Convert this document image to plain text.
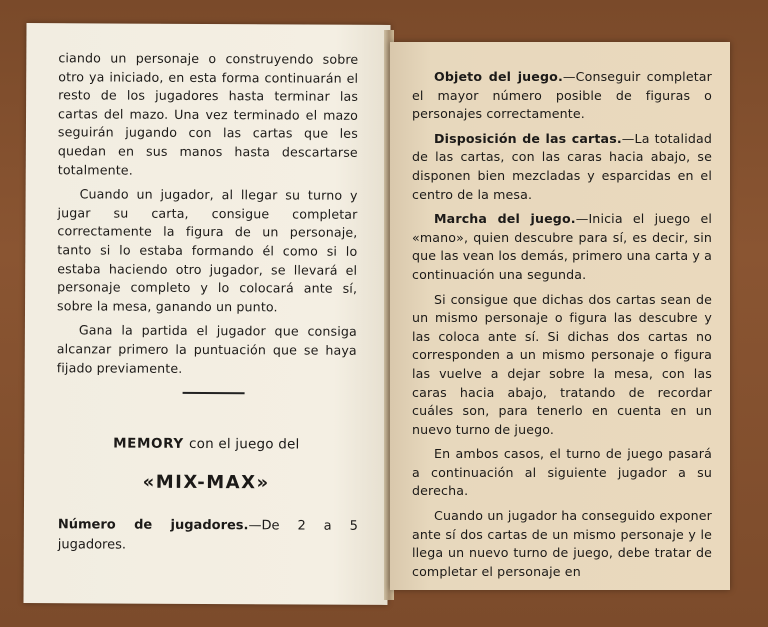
ciando un personaje o construyendo sobre otro ya iniciado, en esta forma continuarán el resto de los jugadores hasta terminar las cartas del mazo. Una vez terminado el mazo seguirán jugando con las cartas que les quedan en sus manos hasta descartarse totalmente.

Cuando un jugador, al llegar su turno y jugar su carta, consigue completar correctamente la figura de un personaje, tanto si lo estaba formando él como si lo estaba haciendo otro jugador, se llevará el personaje completo y lo colocará ante sí, sobre la mesa, ganando un punto.

Gana la partida el jugador que consiga alcanzar primero la puntuación que se haya fijado previamente.

MEMORY con el juego del
«MIX-MAX»
Número de jugadores.—De 2 a 5 jugadores.

Objeto del juego.—Conseguir completar el mayor número posible de figuras o personajes correctamente.

Disposición de las cartas.—La totalidad de las cartas, con las caras hacia abajo, se disponen bien mezcladas y esparcidas en el centro de la mesa.

Marcha del juego.—Inicia el juego el «mano», quien descubre para sí, es decir, sin que las vean los demás, primero una carta y a continuación una segunda.

Si consigue que dichas dos cartas sean de un mismo personaje o figura las descubre y las coloca ante sí. Si dichas dos cartas no corresponden a un mismo personaje o figura las vuelve a dejar sobre la mesa, con las caras hacia abajo, tratando de recordar cuáles son, para tenerlo en cuenta en un nuevo turno de juego.

En ambos casos, el turno de juego pasará a continuación al siguiente jugador a su derecha.

Cuando un jugador ha conseguido exponer ante sí dos cartas de un mismo personaje y le llega un nuevo turno de juego, debe tratar de completar el personaje en
